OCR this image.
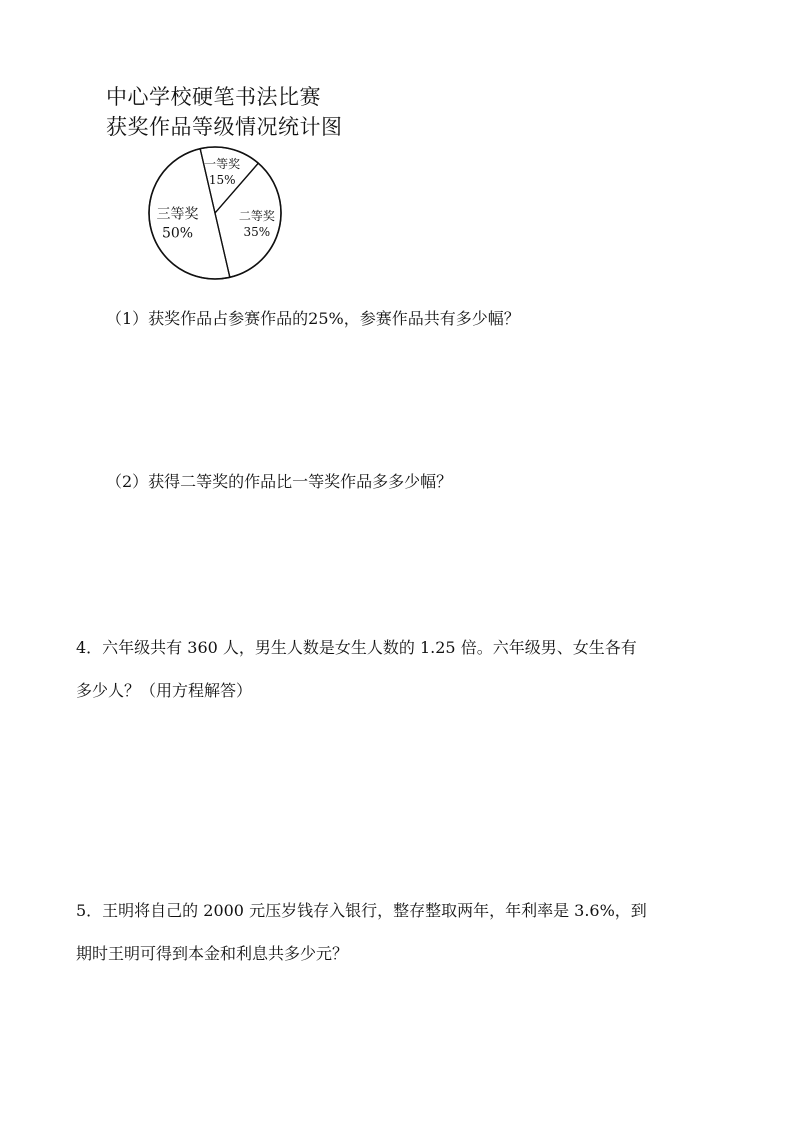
中心学校硬笔书法比赛
获奖作品等级情况统计图
一等奖
15%
二等奖
35%
三等奖
50%
（1）获奖作品占参赛作品的25%，参赛作品共有多少幅？
（2）获得二等奖的作品比一等奖作品多多少幅？
4．六年级共有 360 人，男生人数是女生人数的 1.25 倍。六年级男、女生各有
多少人？（用方程解答）
5．王明将自己的 2000 元压岁钱存入银行，整存整取两年，年利率是 3.6%，到
期时王明可得到本金和利息共多少元？
